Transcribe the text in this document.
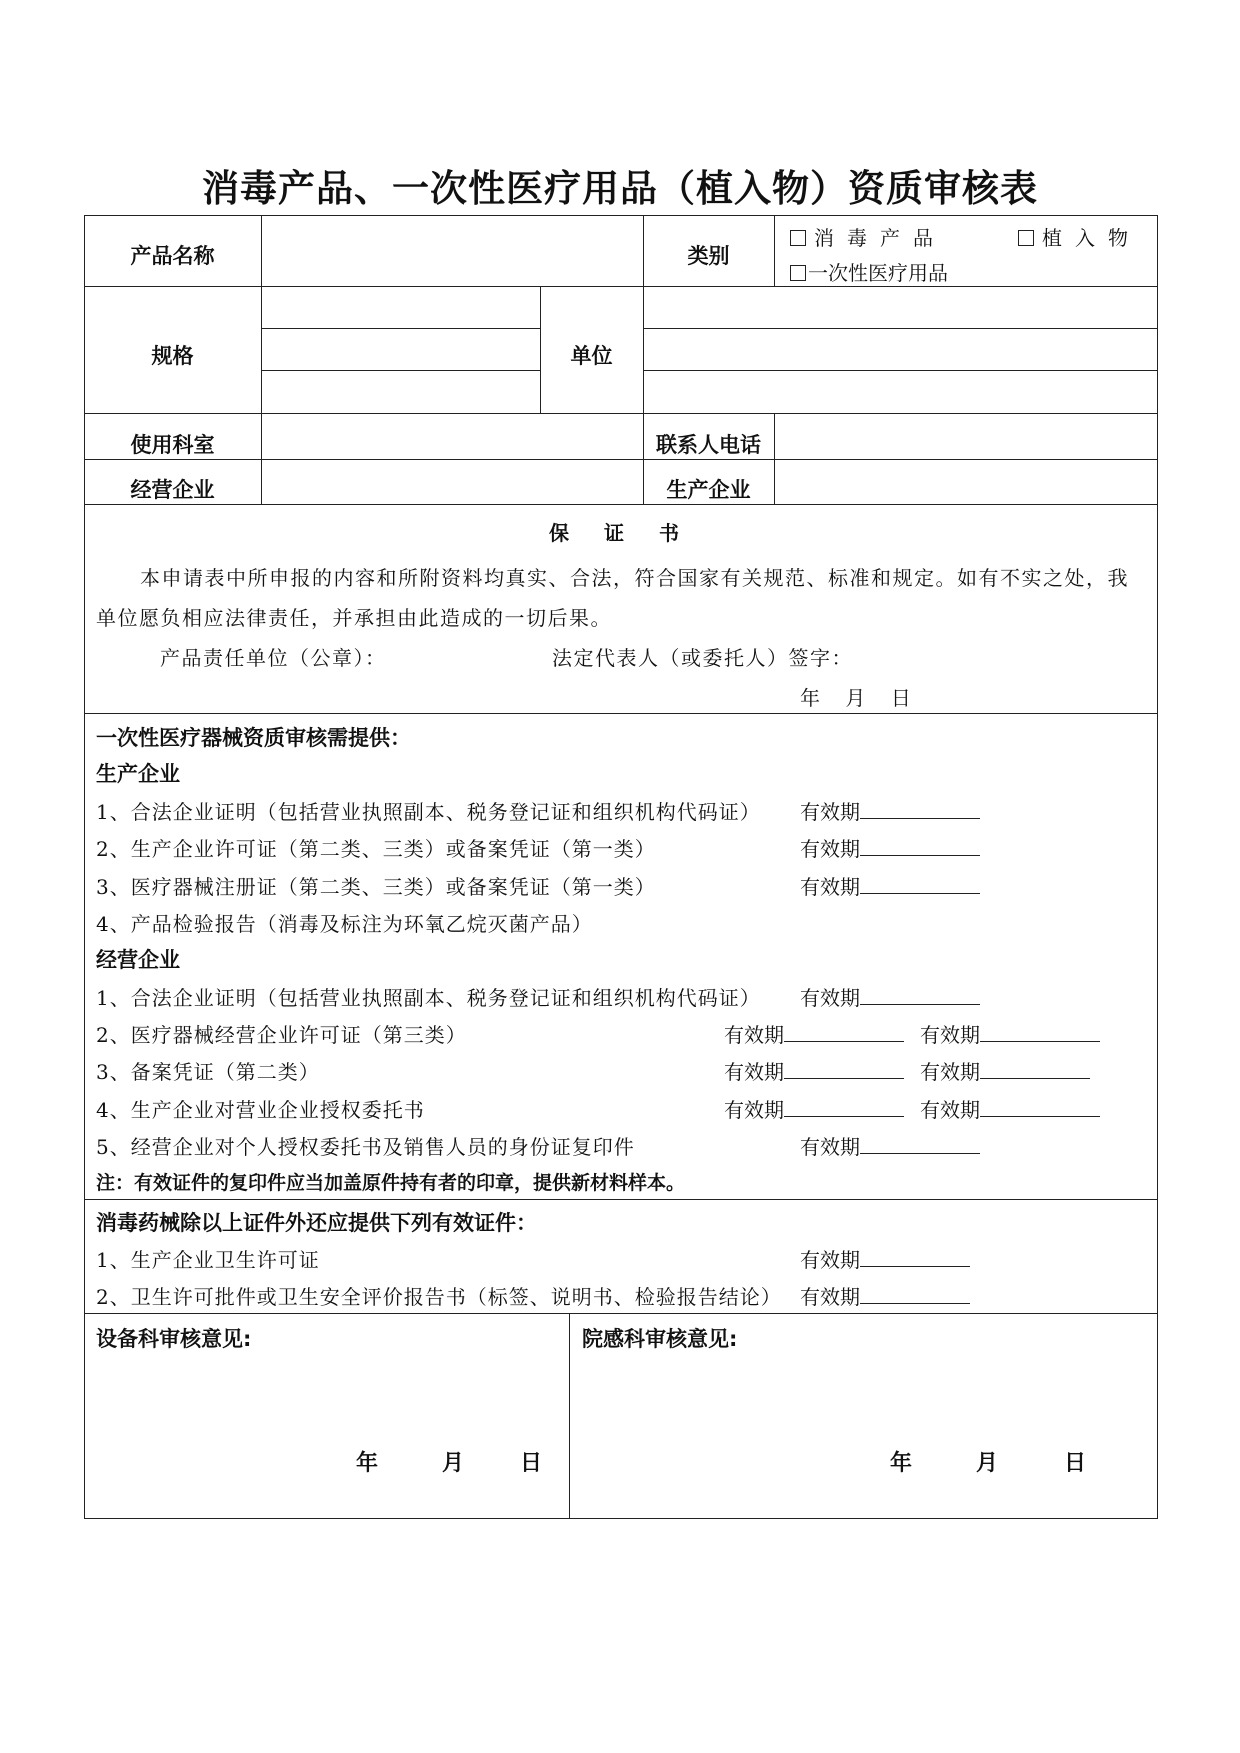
消毒产品、一次性医疗用品（植入物）资质审核表
产品名称	类别
消毒产品	植入物
一次性医疗用品
规格	单位
使用科室	联系人电话
经营企业	生产企业
保 证 书
本申请表中所申报的内容和所附资料均真实、合法，符合国家有关规范、标准和规定。如有不实之处，我
单位愿负相应法律责任，并承担由此造成的一切后果。
产品责任单位（公章）：	法定代表人（或委托人）签字：
年    月    日
一次性医疗器械资质审核需提供：
生产企业
1、合法企业证明（包括营业执照副本、税务登记证和组织机构代码证） 有效期
2、生产企业许可证（第二类、三类）或备案凭证（第一类）	有效期
3、医疗器械注册证（第二类、三类）或备案凭证（第一类）	有效期
4、产品检验报告（消毒及标注为环氧乙烷灭菌产品）
经营企业
1、合法企业证明（包括营业执照副本、税务登记证和组织机构代码证） 有效期
2、医疗器械经营企业许可证（第三类）	有效期	有效期
3、备案凭证（第二类）	有效期	有效期
4、生产企业对营业企业授权委托书	有效期	有效期
5、经营企业对个人授权委托书及销售人员的身份证复印件	有效期
注：有效证件的复印件应当加盖原件持有者的印章，提供新材料样本。
消毒药械除以上证件外还应提供下列有效证件：
1、生产企业卫生许可证	有效期
2、卫生许可批件或卫生安全评价报告书（标签、说明书、检验报告结论） 有效期
设备科审核意见:
年	月	日
院感科审核意见:
年	月	日
